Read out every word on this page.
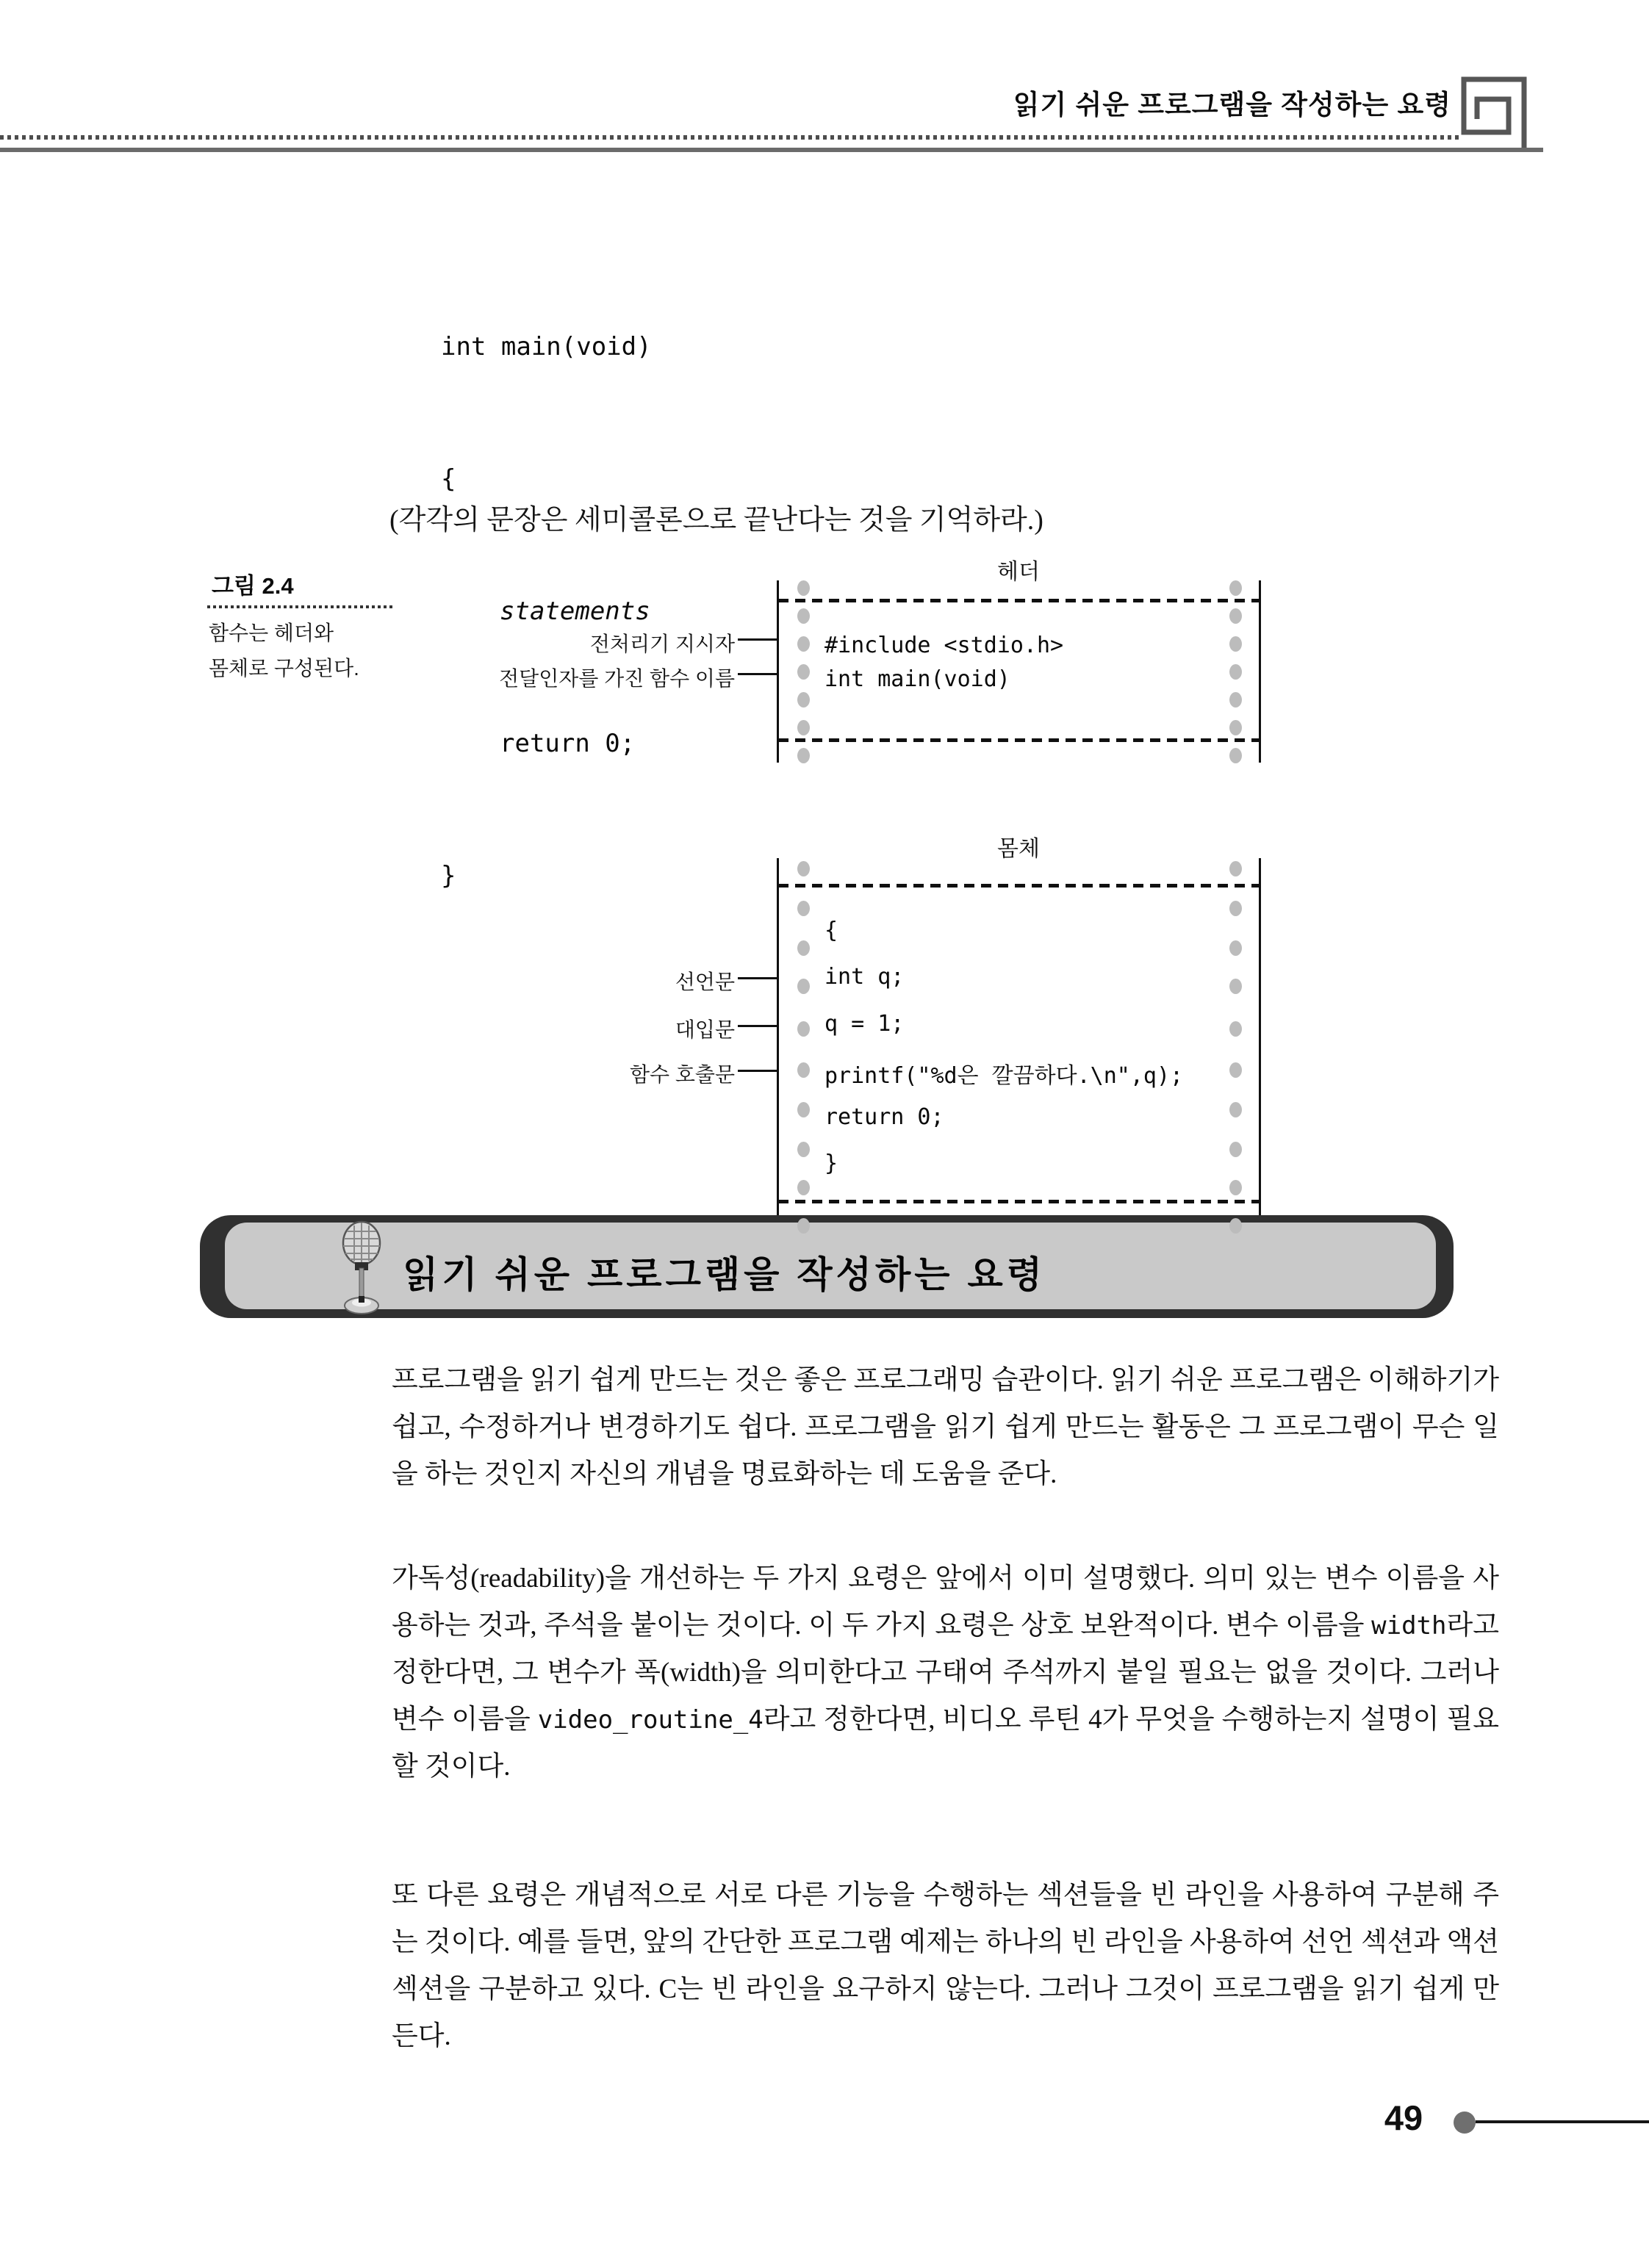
읽기 쉬운 프로그램을 작성하는 요령

int main(void)

{

statements

return 0;

}

(각각의 문장은 세미콜론으로 끝난다는 것을 기억하라.)
그림 2.4
함수는 헤더와
몸체로 구성된다.
헤더
#include <stdio.h>
int main(void)
전처리기 지시자
전달인자를 가진 함수 이름
몸체
{
int q;
q = 1;
printf("%d은 깔끔하다.\n",q);
return 0;
}
선언문
대입문
함수 호출문
읽기 쉬운 프로그램을 작성하는 요령
프로그램을 읽기 쉽게 만드는 것은 좋은 프로그래밍 습관이다. 읽기 쉬운 프로그램은 이해하기가 쉽고, 수정하거나 변경하기도 쉽다. 프로그램을 읽기 쉽게 만드는 활동은 그 프로그램이 무슨 일을 하는 것인지 자신의 개념을 명료화하는 데 도움을 준다.
가독성(readability)을 개선하는 두 가지 요령은 앞에서 이미 설명했다. 의미 있는 변수 이름을 사용하는 것과, 주석을 붙이는 것이다. 이 두 가지 요령은 상호 보완적이다. 변수 이름을 width라고 정한다면, 그 변수가 폭(width)을 의미한다고 구태여 주석까지 붙일 필요는 없을 것이다. 그러나 변수 이름을 video_routine_4라고 정한다면, 비디오 루틴 4가 무엇을 수행하는지 설명이 필요할 것이다.
또 다른 요령은 개념적으로 서로 다른 기능을 수행하는 섹션들을 빈 라인을 사용하여 구분해 주는 것이다. 예를 들면, 앞의 간단한 프로그램 예제는 하나의 빈 라인을 사용하여 선언 섹션과 액션 섹션을 구분하고 있다. C는 빈 라인을 요구하지 않는다. 그러나 그것이 프로그램을 읽기 쉽게 만든다.
49
